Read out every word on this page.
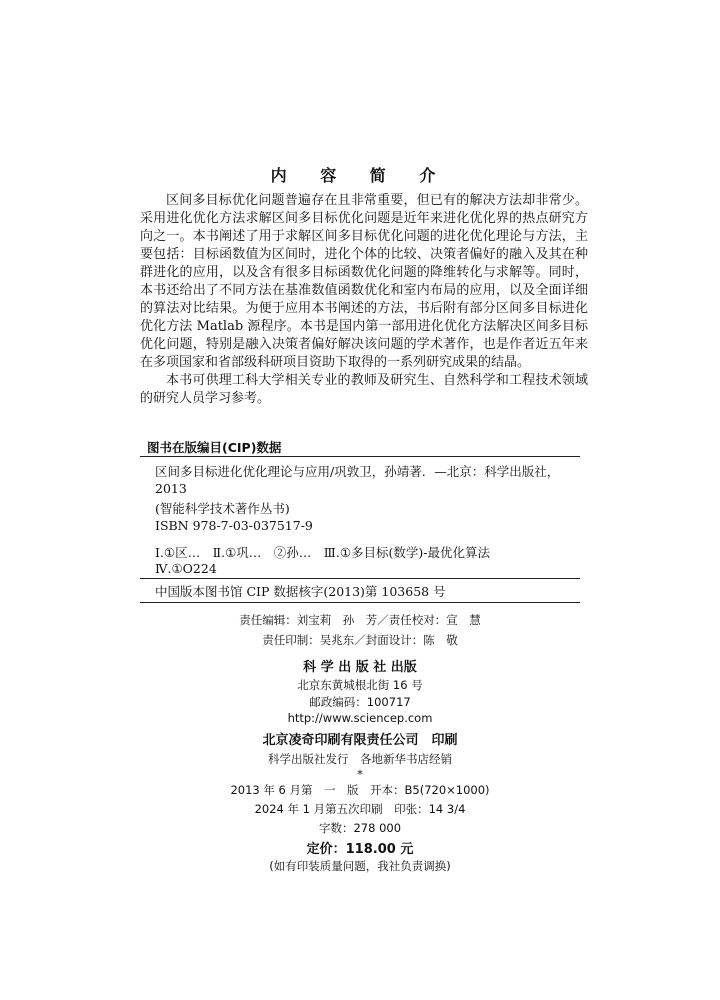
内 容 简 介

区间多目标优化问题普遍存在且非常重要，但已有的解决方法却非常少。采用进化优化方法求解区间多目标优化问题是近年来进化优化界的热点研究方向之一。本书阐述了用于求解区间多目标优化问题的进化优化理论与方法，主要包括：目标函数值为区间时，进化个体的比较、决策者偏好的融入及其在种群进化的应用，以及含有很多目标函数优化问题的降维转化与求解等。同时，本书还给出了不同方法在基准数值函数优化和室内布局的应用，以及全面详细的算法对比结果。为便于应用本书阐述的方法，书后附有部分区间多目标进化优化方法 Matlab 源程序。本书是国内第一部用进化优化方法解决区间多目标优化问题，特别是融入决策者偏好解决该问题的学术著作，也是作者近五年来在多项国家和省部级科研项目资助下取得的一系列研究成果的结晶。

本书可供理工科大学相关专业的教师及研究生、自然科学和工程技术领域的研究人员学习参考。

图书在版编目(CIP)数据
区间多目标进化优化理论与应用/巩敦卫，孙靖著．—北京：科学出版社，
2013
(智能科学技术著作丛书)
ISBN 978-7-03-037517-9
Ⅰ.①区…　Ⅱ.①巩…　②孙…　Ⅲ.①多目标(数学)-最优化算法
Ⅳ.①O224
中国版本图书馆 CIP 数据核字(2013)第 103658 号
责任编辑：刘宝莉　孙　芳／责任校对：宣　慧
责任印制：吴兆东／封面设计：陈　敬
科 学 出 版 社 出版
北京东黄城根北街 16 号
邮政编码：100717
http://www.sciencep.com
北京凌奇印刷有限责任公司　印刷
科学出版社发行　各地新华书店经销
*
2013 年 6 月第　一　版　开本：B5(720×1000)
2024 年 1 月第五次印刷　印张：14 3/4
字数：278 000
定价：118.00 元
(如有印装质量问题，我社负责调换)
